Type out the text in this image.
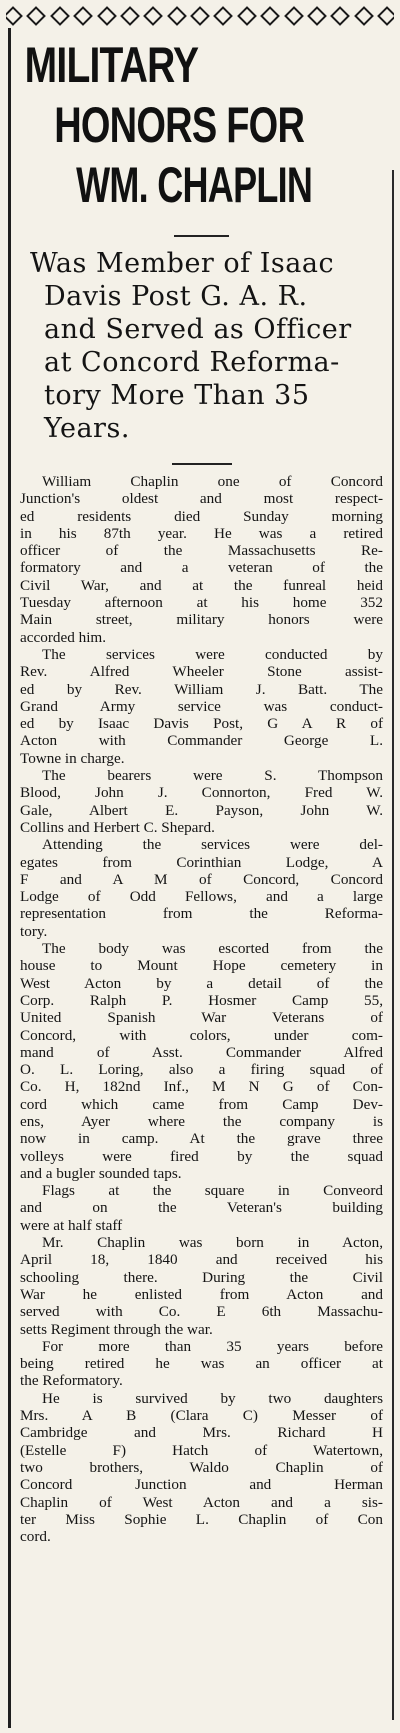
MILITARY
HONORS FOR
WM. CHAPLIN
Was Member of Isaac
Davis Post G. A. R.
and Served as Officer
at Concord Reforma-
tory More Than 35
Years.

William Chaplin one of Concord
Junction's oldest and most respect-
ed residents died Sunday morning
in his 87th year. He was a retired
officer of the Massachusetts Re-
formatory and a veteran of the
Civil War, and at the funreal heid
Tuesday afternoon at his home 352
Main street, military honors were
accorded him.

The services were conducted by
Rev. Alfred Wheeler Stone assist-
ed by Rev. William J. Batt. The
Grand Army service was conduct-
ed by Isaac Davis Post, G A R of
Acton with Commander George L.
Towne in charge.

The bearers were S. Thompson
Blood, John J. Connorton, Fred W.
Gale, Albert E. Payson, John W.
Collins and Herbert C. Shepard.

Attending the services were del-
egates from Corinthian Lodge, A
F and A M of Concord, Concord
Lodge of Odd Fellows, and a large
representation from the Reforma-
tory.

The body was escorted from the
house to Mount Hope cemetery in
West Acton by a detail of the
Corp. Ralph P. Hosmer Camp 55,
United Spanish War Veterans of
Concord, with colors, under com-
mand of Asst. Commander Alfred
O. L. Loring, also a firing squad of
Co. H, 182nd Inf., M N G of Con-
cord which came from Camp Dev-
ens, Ayer where the company is
now in camp. At the grave three
volleys were fired by the squad
and a bugler sounded taps.

Flags at the square in Conveord
and on the Veteran's building
were at half staff

Mr. Chaplin was born in Acton,
April 18, 1840 and received his
schooling there. During the Civil
War he enlisted from Acton and
served with Co. E 6th Massachu-
setts Regiment through the war.

For more than 35 years before
being retired he was an officer at
the Reformatory.

He is survived by two daughters
Mrs. A B (Clara C) Messer of
Cambridge and Mrs. Richard H
(Estelle F) Hatch of Watertown,
two brothers, Waldo Chaplin of
Concord Junction and Herman
Chaplin of West Acton and a sis-
ter Miss Sophie L. Chaplin of Con
cord.
